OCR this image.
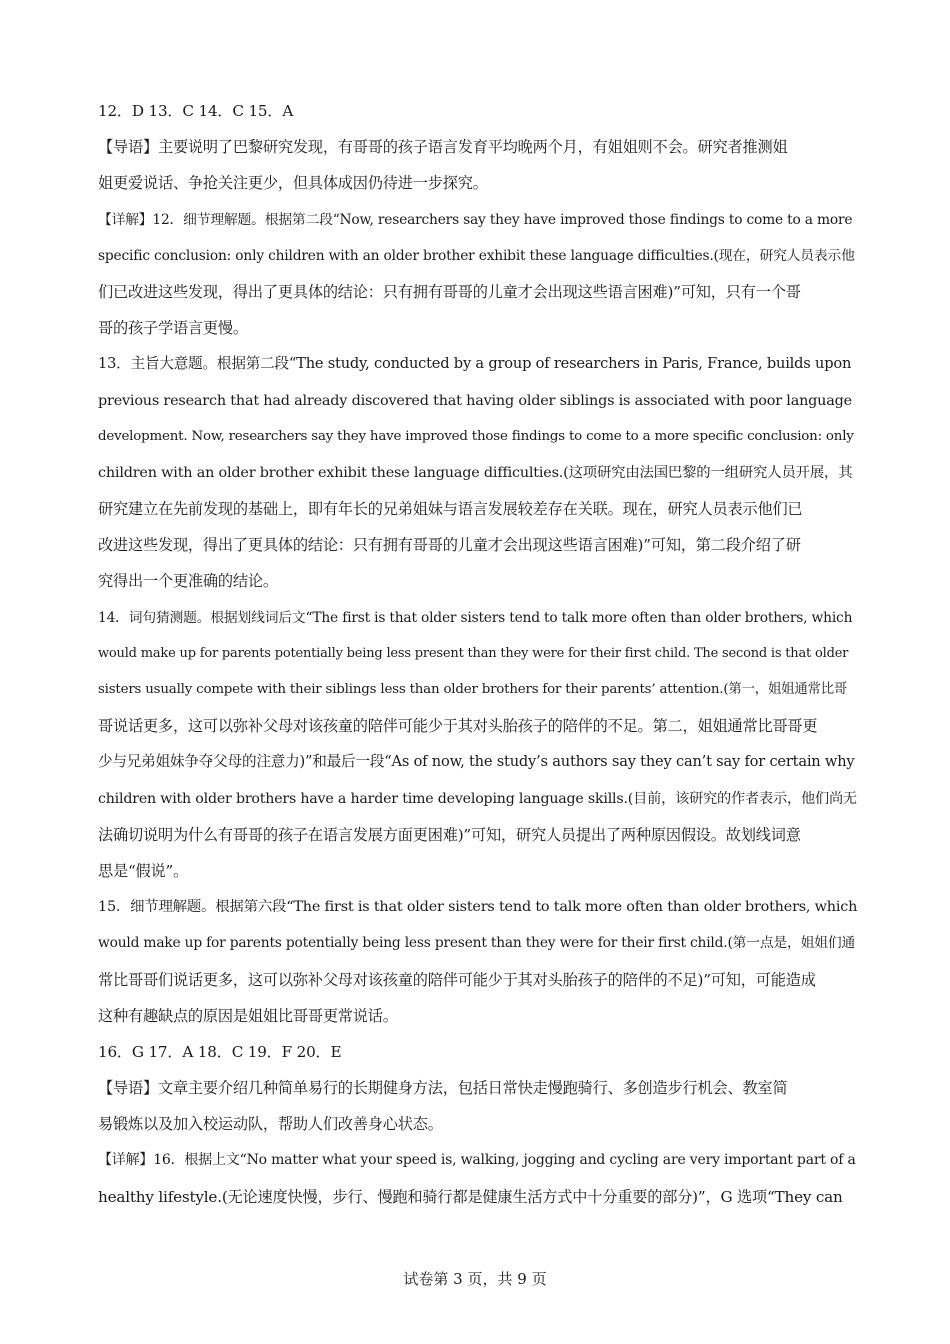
12．D 13．C 14．C 15．A
【导语】主要说明了巴黎研究发现，有哥哥的孩子语言发育平均晚两个月，有姐姐则不会。研究者推测姐
姐更爱说话、争抢关注更少，但具体成因仍待进一步探究。
【详解】12．细节理解题。根据第二段“Now, researchers say they have improved those findings to come to a more
specific conclusion: only children with an older brother exhibit these language difficulties.(现在，研究人员表示他
们已改进这些发现，得出了更具体的结论：只有拥有哥哥的儿童才会出现这些语言困难)”可知，只有一个哥
哥的孩子学语言更慢。
13．主旨大意题。根据第二段“The study, conducted by a group of researchers in Paris, France, builds upon
previous research that had already discovered that having older siblings is associated with poor language
development. Now, researchers say they have improved those findings to come to a more specific conclusion: only
children with an older brother exhibit these language difficulties.(这项研究由法国巴黎的一组研究人员开展，其
研究建立在先前发现的基础上，即有年长的兄弟姐妹与语言发展较差存在关联。现在，研究人员表示他们已
改进这些发现，得出了更具体的结论：只有拥有哥哥的儿童才会出现这些语言困难)”可知，第二段介绍了研
究得出一个更准确的结论。
14．词句猜测题。根据划线词后文“The first is that older sisters tend to talk more often than older brothers, which
would make up for parents potentially being less present than they were for their first child. The second is that older
sisters usually compete with their siblings less than older brothers for their parents’ attention.(第一，姐姐通常比哥
哥说话更多，这可以弥补父母对该孩童的陪伴可能少于其对头胎孩子的陪伴的不足。第二，姐姐通常比哥哥更
少与兄弟姐妹争夺父母的注意力)”和最后一段“As of now, the study’s authors say they can’t say for certain why
children with older brothers have a harder time developing language skills.(目前，该研究的作者表示，他们尚无
法确切说明为什么有哥哥的孩子在语言发展方面更困难)”可知，研究人员提出了两种原因假设。故划线词意
思是“假说”。
15．细节理解题。根据第六段“The first is that older sisters tend to talk more often than older brothers, which
would make up for parents potentially being less present than they were for their first child.(第一点是，姐姐们通
常比哥哥们说话更多，这可以弥补父母对该孩童的陪伴可能少于其对头胎孩子的陪伴的不足)”可知，可能造成
这种有趣缺点的原因是姐姐比哥哥更常说话。
16．G 17．A 18．C 19．F 20．E
【导语】文章主要介绍几种简单易行的长期健身方法，包括日常快走慢跑骑行、多创造步行机会、教室简
易锻炼以及加入校运动队，帮助人们改善身心状态。
【详解】16．根据上文“No matter what your speed is, walking, jogging and cycling are very important part of a
healthy lifestyle.(无论速度快慢，步行、慢跑和骑行都是健康生活方式中十分重要的部分)”，G 选项“They can
试卷第 3 页，共 9 页
